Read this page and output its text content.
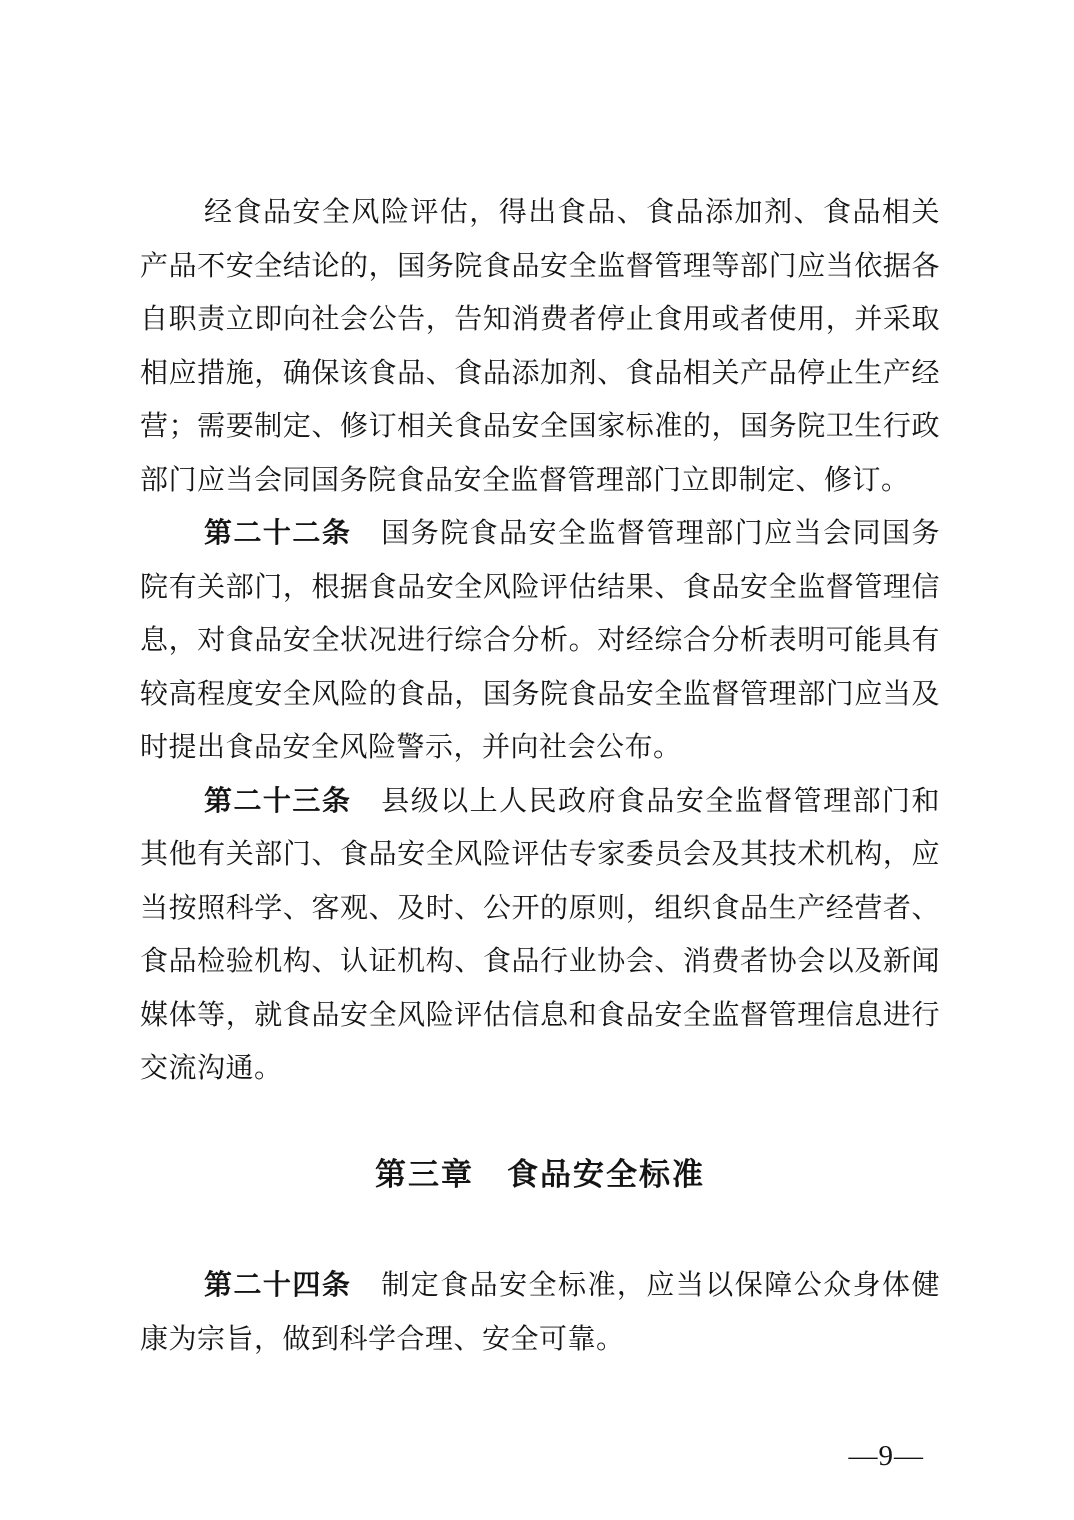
经食品安全风险评估，得出食品、食品添加剂、食品相关产品不安全结论的，国务院食品安全监督管理等部门应当依据各自职责立即向社会公告，告知消费者停止食用或者使用，并采取相应措施，确保该食品、食品添加剂、食品相关产品停止生产经营；需要制定、修订相关食品安全国家标准的，国务院卫生行政部门应当会同国务院食品安全监督管理部门立即制定、修订。

第二十二条 国务院食品安全监督管理部门应当会同国务院有关部门，根据食品安全风险评估结果、食品安全监督管理信息，对食品安全状况进行综合分析。对经综合分析表明可能具有较高程度安全风险的食品，国务院食品安全监督管理部门应当及时提出食品安全风险警示，并向社会公布。

第二十三条 县级以上人民政府食品安全监督管理部门和其他有关部门、食品安全风险评估专家委员会及其技术机构，应当按照科学、客观、及时、公开的原则，组织食品生产经营者、食品检验机构、认证机构、食品行业协会、消费者协会以及新闻媒体等，就食品安全风险评估信息和食品安全监督管理信息进行交流沟通。

第三章　食品安全标准

第二十四条 制定食品安全标准，应当以保障公众身体健康为宗旨，做到科学合理、安全可靠。

—9—
